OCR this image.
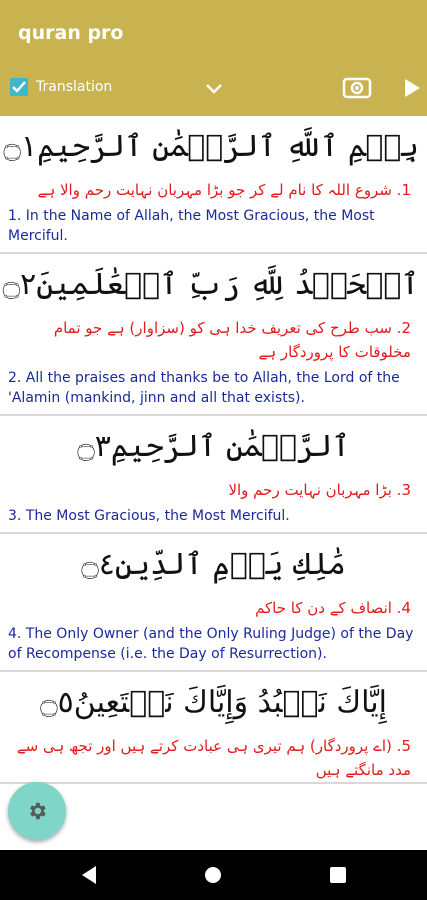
quran pro
Translation
بِسۡمِ ٱللَّهِ ٱلرَّحۡمَٰنِ ٱلرَّحِيمِ۝١
1. شروع اللہ کا نام لے کر جو بڑا مہربان نہایت رحم والا ہے
1. In the Name of Allah, the Most Gracious, the Most Merciful.
ٱلۡحَمۡدُ لِلَّهِ رَبِّ ٱلۡعَٰلَمِينَ۝٢
2. سب طرح کی تعریف خدا ہی کو (سزاوار) ہے جو تمام مخلوقات کا پروردگار ہے
2. All the praises and thanks be to Allah, the Lord of the 'Alamin (mankind, jinn and all that exists).
ٱلرَّحۡمَٰنِ ٱلرَّحِيمِ۝٣
3. بڑا مہربان نہایت رحم والا
3. The Most Gracious, the Most Merciful.
مَٰلِكِ يَوۡمِ ٱلدِّينِ۝٤
4. انصاف کے دن کا حاکم
4. The Only Owner (and the Only Ruling Judge) of the Day of Recompense (i.e. the Day of Resurrection).
إِيَّاكَ نَعۡبُدُ وَإِيَّاكَ نَسۡتَعِينُ۝٥
5. (اے پروردگار) ہم تیری ہی عبادت کرتے ہیں اور تجھ ہی سے مدد مانگتے ہیں
